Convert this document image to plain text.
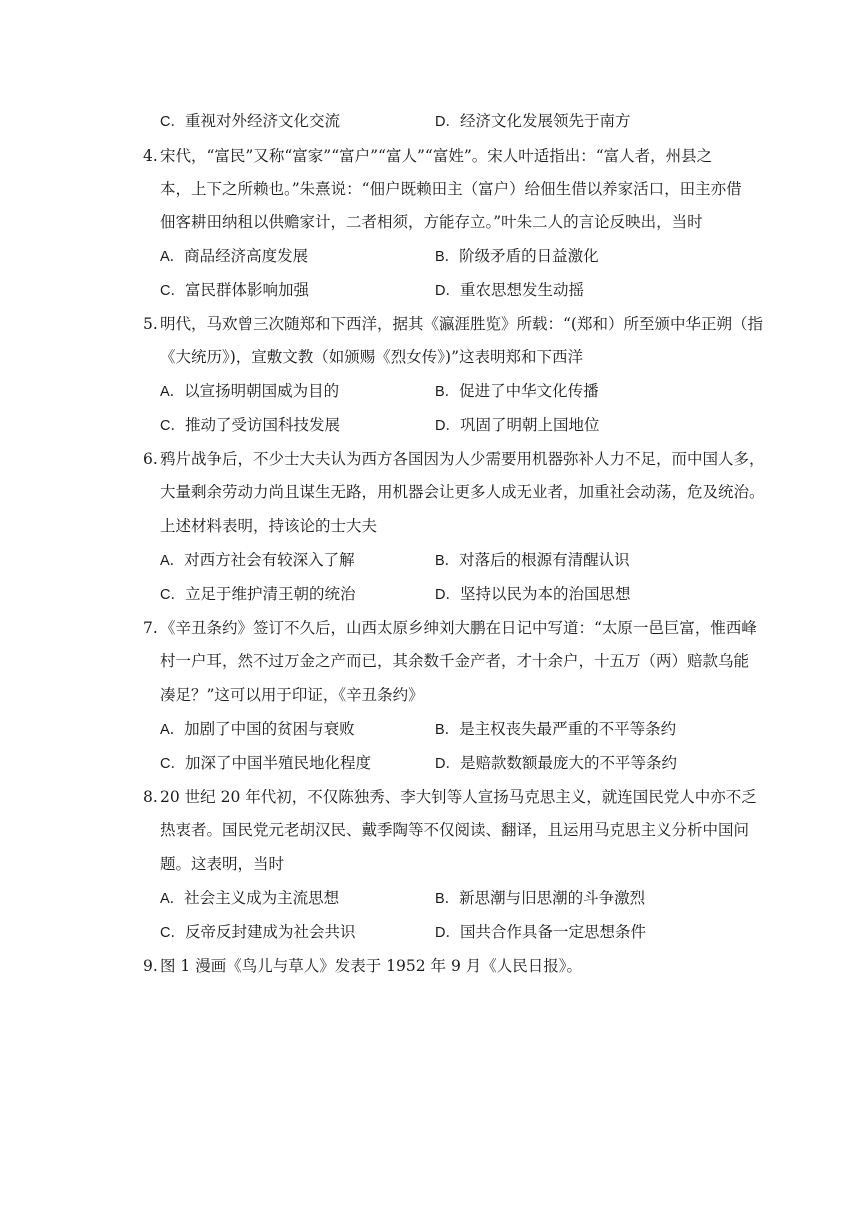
C．重视对外经济文化交流	D．经济文化发展领先于南方
4. 宋代，“富民”又称“富家”“富户”“富人”“富姓”。宋人叶适指出：“富人者，州县之
本，上下之所赖也。”朱熹说：“佃户既赖田主（富户）给佃生借以养家活口，田主亦借
佃客耕田纳租以供赡家计，二者相须，方能存立。”叶朱二人的言论反映出，当时
A．商品经济高度发展	B．阶级矛盾的日益激化
C．富民群体影响加强	D．重农思想发生动摇
5. 明代，马欢曾三次随郑和下西洋，据其《瀛涯胜览》所载：“(郑和）所至颁中华正朔（指
《大统历》)，宣敷文教（如颁赐《烈女传》)”这表明郑和下西洋
A．以宣扬明朝国威为目的	B．促进了中华文化传播
C．推动了受访国科技发展	D．巩固了明朝上国地位
6. 鸦片战争后，不少士大夫认为西方各国因为人少需要用机器弥补人力不足，而中国人多，
大量剩余劳动力尚且谋生无路，用机器会让更多人成无业者，加重社会动荡，危及统治。
上述材料表明，持该论的士大夫
A．对西方社会有较深入了解	B．对落后的根源有清醒认识
C．立足于维护清王朝的统治	D．坚持以民为本的治国思想
7. 《辛丑条约》签订不久后，山西太原乡绅刘大鹏在日记中写道：“太原一邑巨富，惟西峰
村一户耳，然不过万金之产而已，其余数千金产者，才十余户，十五万（两）赔款乌能
凑足？”这可以用于印证，《辛丑条约》
A．加剧了中国的贫困与衰败	B．是主权丧失最严重的不平等条约
C．加深了中国半殖民地化程度	D．是赔款数额最庞大的不平等条约
8. 20 世纪 20 年代初，不仅陈独秀、李大钊等人宣扬马克思主义，就连国民党人中亦不乏
热衷者。国民党元老胡汉民、戴季陶等不仅阅读、翻译，且运用马克思主义分析中国问
题。这表明，当时
A．社会主义成为主流思想	B．新思潮与旧思潮的斗争激烈
C．反帝反封建成为社会共识	D．国共合作具备一定思想条件
9. 图 1 漫画《鸟儿与草人》发表于 1952 年 9 月《人民日报》。
